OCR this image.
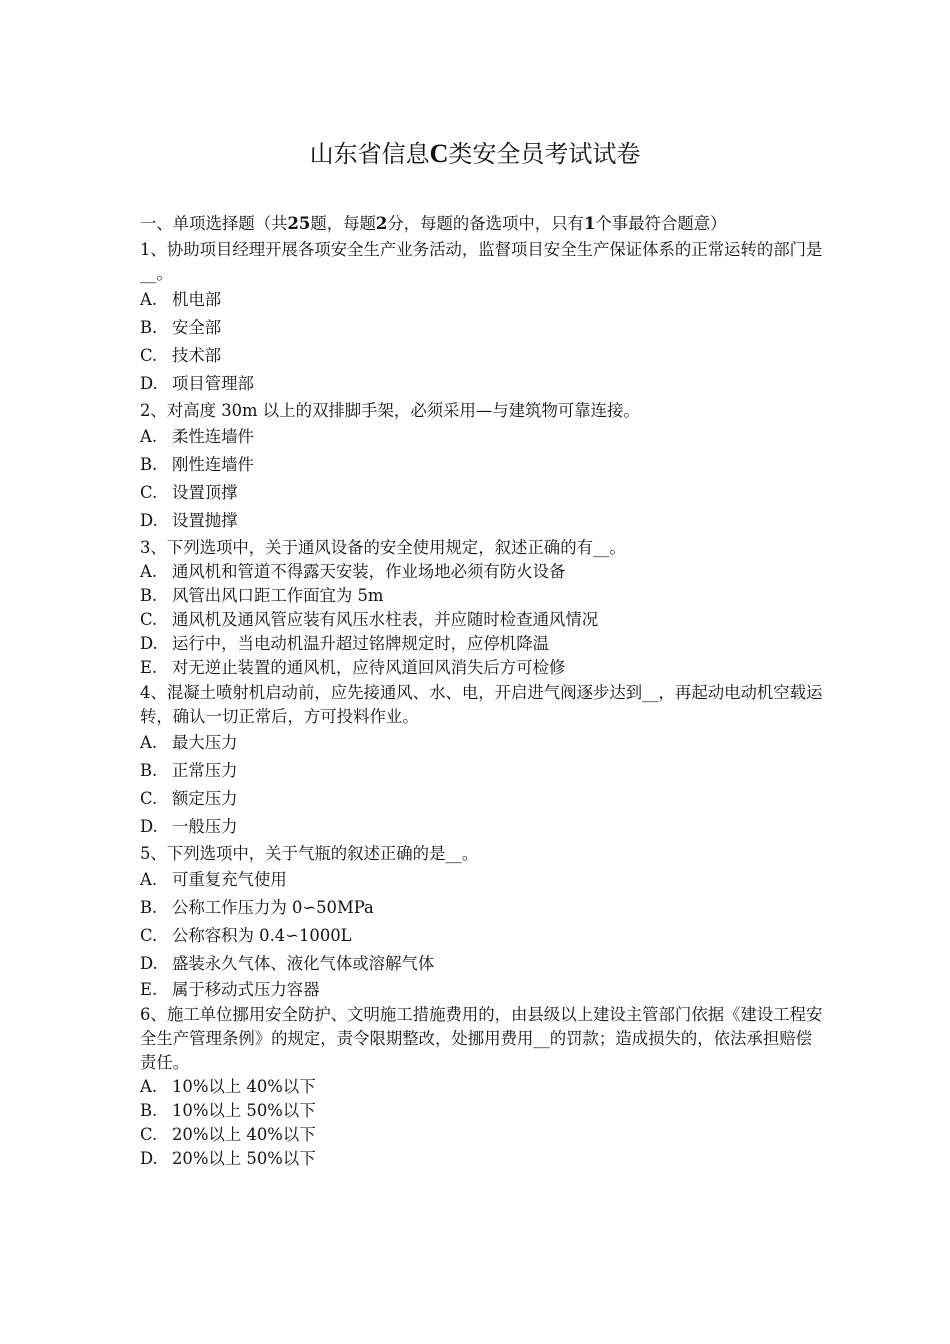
山东省信息C类安全员考试试卷
一、单项选择题（共25题，每题2分，每题的备选项中，只有1个事最符合题意）
1、协助项目经理开展各项安全生产业务活动，监督项目安全生产保证体系的正常运转的部门是__。
A. 机电部
B. 安全部
C. 技术部
D. 项目管理部
2、对高度 30m 以上的双排脚手架，必须采用—与建筑物可靠连接。
A. 柔性连墙件
B. 刚性连墙件
C. 设置顶撑
D. 设置抛撑
3、下列选项中，关于通风设备的安全使用规定，叙述正确的有__。
A. 通风机和管道不得露天安装，作业场地必须有防火设备
B. 风管出风口距工作面宜为 5m
C. 通风机及通风管应装有风压水柱表，并应随时检查通风情况
D. 运行中，当电动机温升超过铭牌规定时，应停机降温
E. 对无逆止装置的通风机，应待风道回风消失后方可检修
4、混凝土喷射机启动前，应先接通风、水、电，开启进气阀逐步达到__，再起动电动机空载运转，确认一切正常后，方可投料作业。
A. 最大压力
B. 正常压力
C. 额定压力
D. 一般压力
5、下列选项中，关于气瓶的叙述正确的是__。
A. 可重复充气使用
B. 公称工作压力为 0∽50MPa
C. 公称容积为 0.4∽1000L
D. 盛装永久气体、液化气体或溶解气体
E. 属于移动式压力容器
6、施工单位挪用安全防护、文明施工措施费用的，由县级以上建设主管部门依据《建设工程安全生产管理条例》的规定，责令限期整改，处挪用费用__的罚款；造成损失的，依法承担赔偿责任。
A. 10%以上 40%以下
B. 10%以上 50%以下
C. 20%以上 40%以下
D. 20%以上 50%以下
